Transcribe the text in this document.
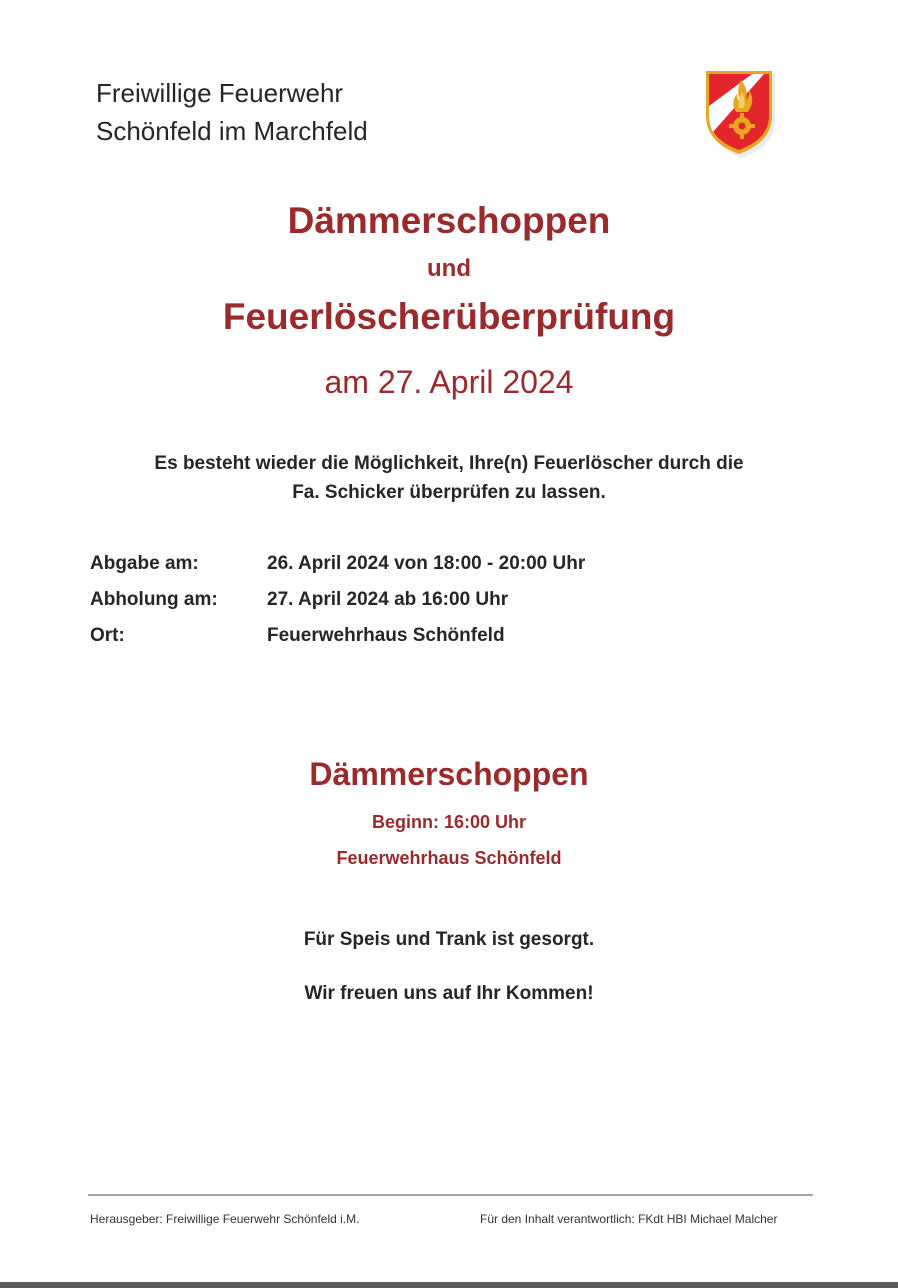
Freiwillige Feuerwehr
Schönfeld im Marchfeld
Dämmerschoppen
und
Feuerlöscherüberprüfung
am 27. April 2024
Es besteht wieder die Möglichkeit, Ihre(n) Feuerlöscher durch die
Fa. Schicker überprüfen zu lassen.
Abgabe am:	26. April 2024 von 18:00 - 20:00 Uhr
Abholung am:	27. April 2024 ab 16:00 Uhr
Ort:	Feuerwehrhaus Schönfeld
Dämmerschoppen
Beginn: 16:00 Uhr
Feuerwehrhaus Schönfeld
Für Speis und Trank ist gesorgt.
Wir freuen uns auf Ihr Kommen!
Herausgeber: Freiwillige Feuerwehr Schönfeld i.M.	Für den Inhalt verantwortlich: FKdt HBI Michael Malcher
